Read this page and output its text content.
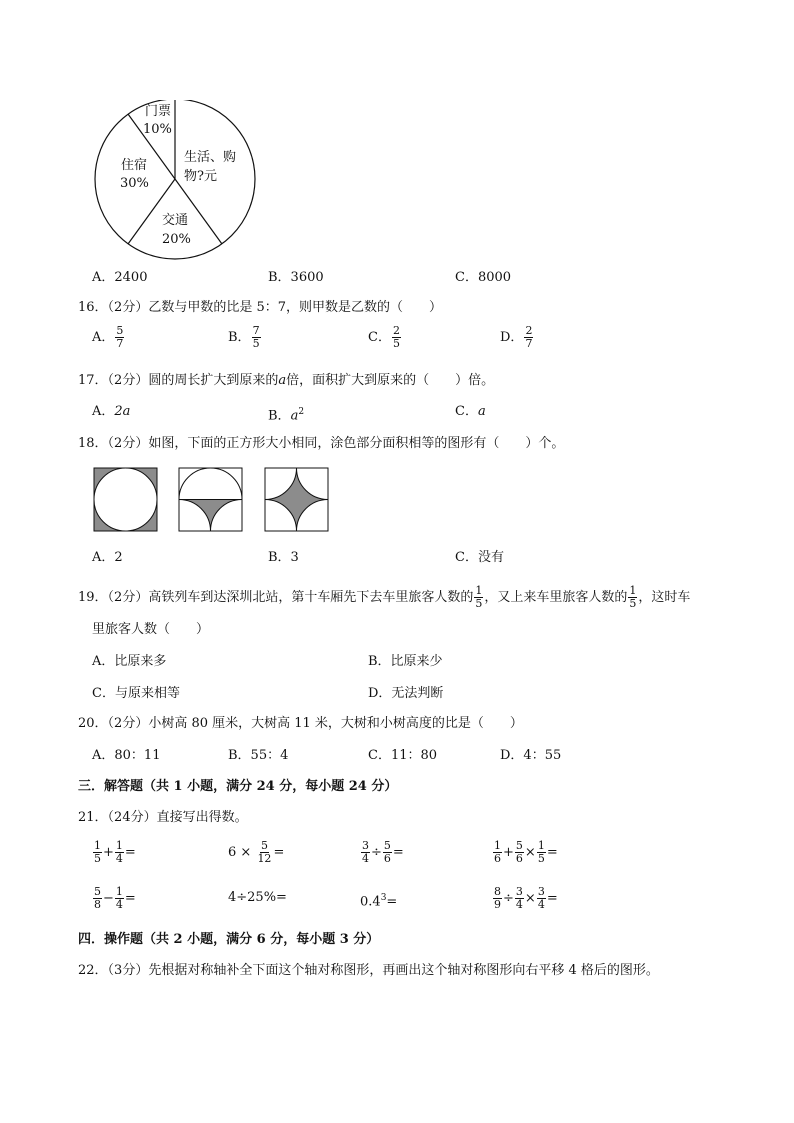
门票
10%
生活、购
物?元
住宿
30%
交通
20%
A．2400	B．3600	C．8000
16．（2分）乙数与甲数的比是 5：7，则甲数是乙数的（　　）
A． $\frac{5}{7}$	B． $\frac{7}{5}$	C． $\frac{2}{5}$	D． $\frac{2}{7}$
17．（2分）圆的周长扩大到原来的a倍，面积扩大到原来的（　　）倍。
A．2a	B．$a^2$	C．a
18．（2分）如图，下面的正方形大小相同，涂色部分面积相等的图形有（　　）个。
A．2	B．3	C．没有
19．（2分）高铁列车到达深圳北站，第十车厢先下去车里旅客人数的 $\frac{1}{5}$ ，又上来车里旅客人数的 $\frac{1}{5}$ ，这时车
里旅客人数（　　）
A．比原来多	B．比原来少
C．与原来相等	D．无法判断
20．（2分）小树高 80 厘米，大树高 11 米，大树和小树高度的比是（　　）
A．80：11	B．55：4	C．11：80	D．4：55
三．解答题（共 1 小题，满分 24 分，每小题 24 分）
21．（24分）直接写出得数。
$\frac{1}{5} + \frac{1}{4}$ =	$6 \times \frac{5}{12}$ =	$\frac{3}{4} \div \frac{5}{6}$ =	$\frac{1}{6} + \frac{5}{6} \times \frac{1}{5}$ =
$\frac{5}{8} - \frac{1}{4}$ =	4÷25%=	$0.4^3=$	$\frac{8}{9} \div \frac{3}{4} \times \frac{3}{4}$ =
四．操作题（共 2 小题，满分 6 分，每小题 3 分）
22．（3分）先根据对称轴补全下面这个轴对称图形，再画出这个轴对称图形向右平移 4 格后的图形。
